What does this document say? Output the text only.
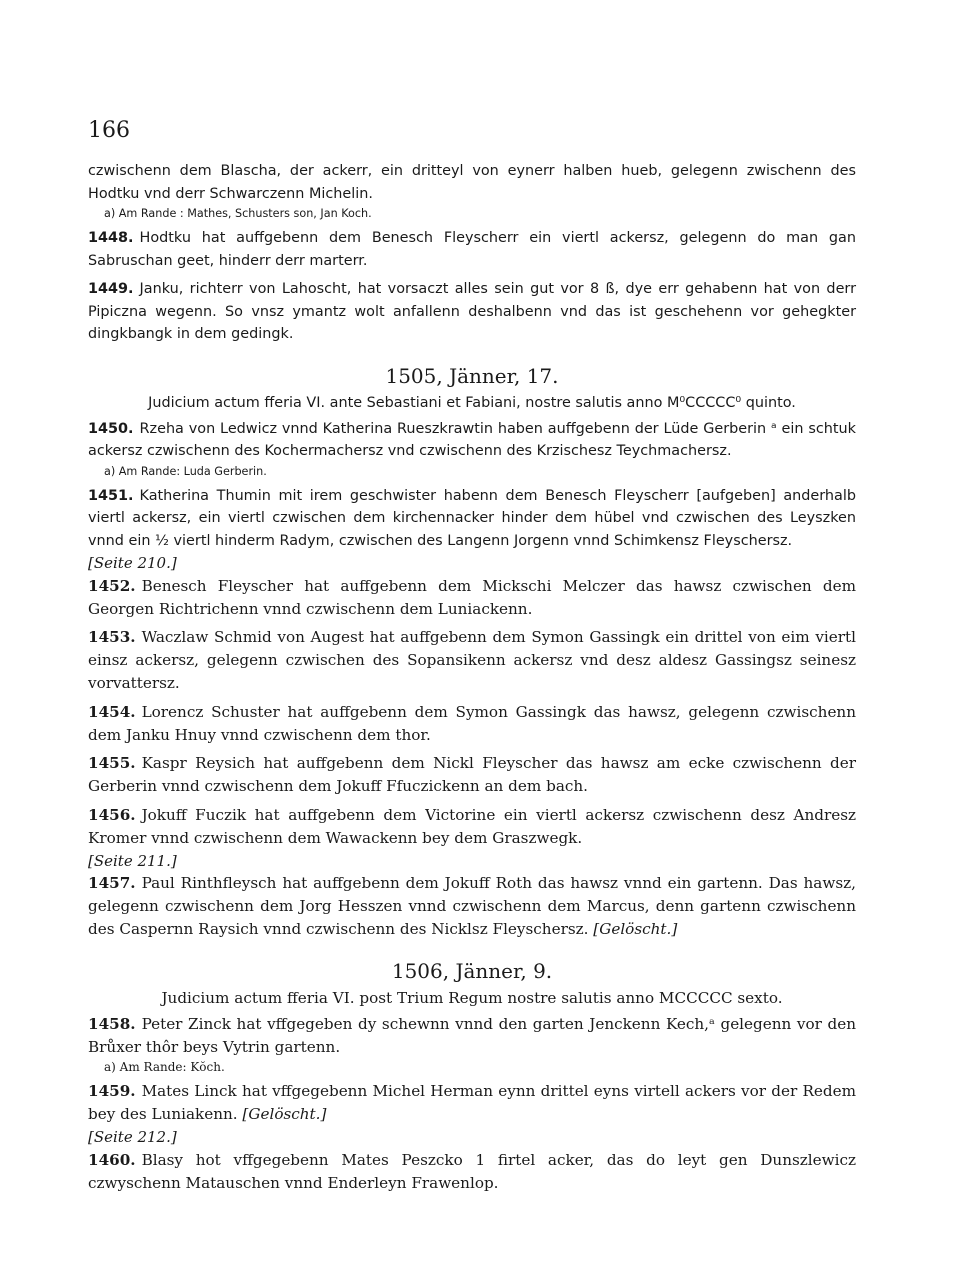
166

czwischenn dem Blascha, der ackerr, ein dritteyl von eynerr halben hueb, gelegenn zwischenn des Hodtku vnd derr Schwarczenn Michelin.

a) Am Rande : Mathes, Schusters son, Jan Koch.

1448. Hodtku hat auffgebenn dem Benesch Fleyscherr ein viertl ackersz, gelegenn do man gan Sabruschan geet, hinderr derr marterr.

1449. Janku, richterr von Lahoscht, hat vorsaczt alles sein gut vor 8 ß, dye err gehabenn hat von derr Pipiczna wegenn. So vnsz ymantz wolt anfallenn deshalbenn vnd das ist geschehenn vor gehegkter dingkbangk in dem gedingk.

1505, Jänner, 17.
Judicium actum fferia VI. ante Sebastiani et Fabiani, nostre salutis anno M⁰CCCCC⁰ quinto.

1450. Rzeha von Ledwicz vnnd Katherina Rueszkrawtin haben auffgebenn der Lüde Gerberin ᵃ ein schtuk ackersz czwischenn des Kochermachersz vnd czwischenn des Krzischesz Teychmachersz.

a) Am Rande: Luda Gerberin.

1451. Katherina Thumin mit irem geschwister habenn dem Benesch Fleyscherr [aufgeben] anderhalb viertl ackersz, ein viertl czwischen dem kirchennacker hinder dem hübel vnd czwischen des Leyszken vnnd ein ½ viertl hinderm Radym, czwischen des Langenn Jorgenn vnnd Schimkensz Fleyschersz.

[Seite 210.]

1452. Benesch Fleyscher hat auffgebenn dem Mickschi Melczer das hawsz czwischen dem Georgen Richtrichenn vnnd czwischenn dem Luniackenn.

1453. Waczlaw Schmid von Augest hat auffgebenn dem Symon Gassingk ein drittel von eim viertl einsz ackersz, gelegenn czwischen des Sopansikenn ackersz vnd desz aldesz Gassingsz seinesz vorvattersz.

1454. Lorencz Schuster hat auffgebenn dem Symon Gassingk das hawsz, gelegenn czwischenn dem Janku Hnuy vnnd czwischenn dem thor.

1455. Kaspr Reysich hat auffgebenn dem Nickl Fleyscher das hawsz am ecke czwischenn der Gerberin vnnd czwischenn dem Jokuff Ffuczickenn an dem bach.

1456. Jokuff Fuczik hat auffgebenn dem Victorine ein viertl ackersz czwischenn desz Andresz Kromer vnnd czwischenn dem Wawackenn bey dem Graszwegk.

[Seite 211.]

1457. Paul Rinthfleysch hat auffgebenn dem Jokuff Roth das hawsz vnnd ein gartenn. Das hawsz, gelegenn czwischenn dem Jorg Hesszen vnnd czwischenn dem Marcus, denn gartenn czwischenn des Caspernn Raysich vnnd czwischenn des Nicklsz Fleyschersz. [Gelöscht.]

1506, Jänner, 9.
Judicium actum fferia VI. post Trium Regum nostre salutis anno MCCCCC sexto.

1458. Peter Zinck hat vffgegeben dy schewnn vnnd den garten Jenckenn Kech,ᵃ gelegenn vor den Brůxer thôr beys Vytrin gartenn.

a) Am Rande: Kŏch.

1459. Mates Linck hat vffgegebenn Michel Herman eynn drittel eyns virtell ackers vor der Redem bey des Luniakenn. [Gelöscht.]

[Seite 212.]

1460. Blasy hot vffgegebenn Mates Peszcko 1 firtel acker, das do leyt gen Dunszlewicz czwyschenn Matauschen vnnd Enderleyn Frawenlop.
